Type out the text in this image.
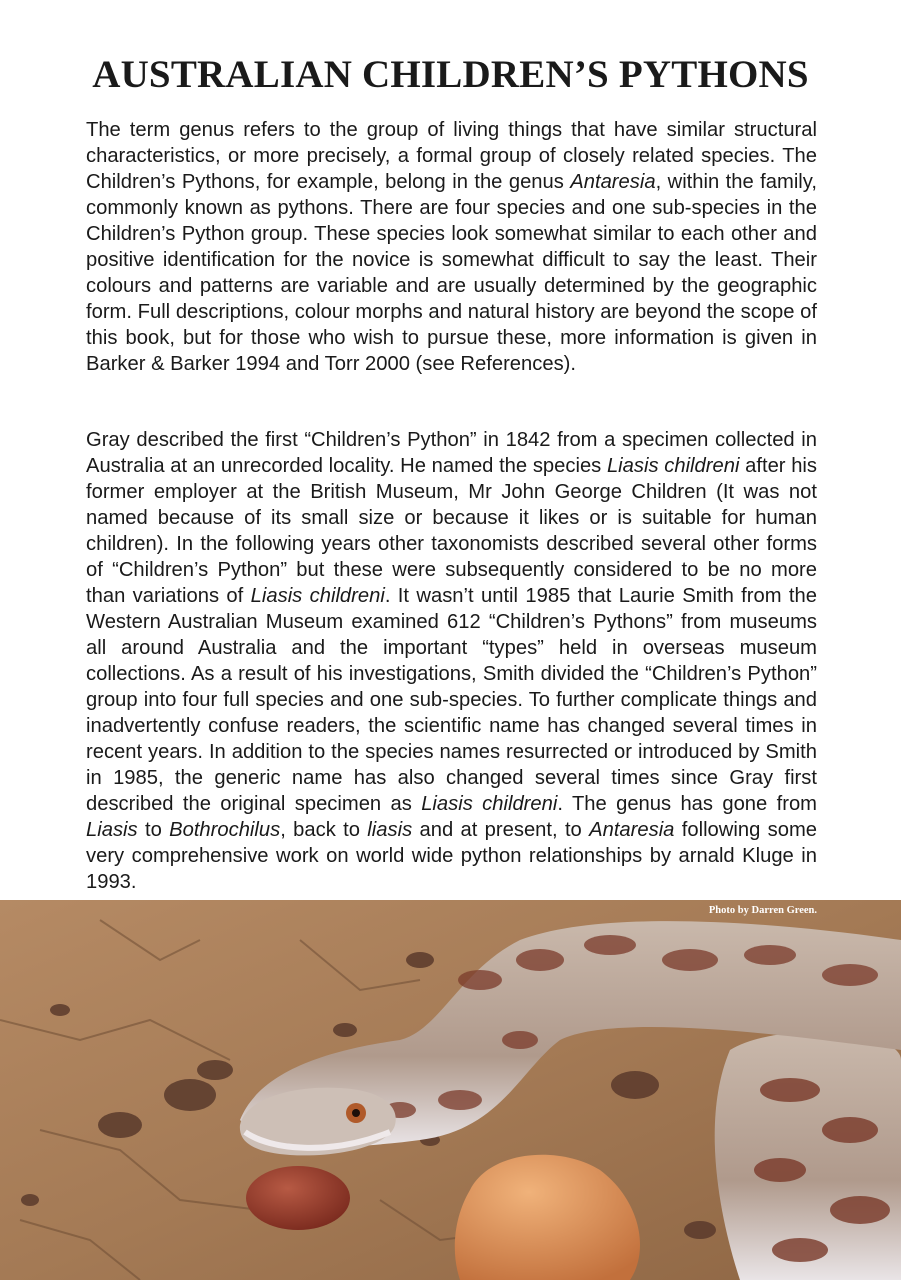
AUSTRALIAN CHILDREN’S PYTHONS

The term genus refers to the group of living things that have similar structural characteristics, or more precisely, a formal group of closely related species. The Children’s Pythons, for example, belong in the genus Antaresia, within the family, commonly known as pythons. There are four species and one sub-species in the Children’s Python group. These species look somewhat similar to each other and positive identification for the novice is somewhat difficult to say the least. Their colours and patterns are variable and are usually determined by the geographic form. Full descriptions, colour morphs and natural history are beyond the scope of this book, but for those who wish to pursue these, more information is given in Barker & Barker 1994 and Torr 2000 (see References).

Gray described the first “Children’s Python” in 1842 from a specimen collected in Australia at an unrecorded locality. He named the species Liasis childreni after his former employer at the British Museum, Mr John George Children (It was not named because of its small size or because it likes or is suitable for human children). In the following years other taxonomists described several other forms of “Children’s Python” but these were subsequently considered to be no more than variations of Liasis childreni. It wasn’t until 1985 that Laurie Smith from the Western Australian Museum examined 612 “Children’s Pythons” from museums all around Australia and the important “types” held in overseas museum collections. As a result of his investigations, Smith divided the “Children’s Python” group into four full species and one sub-species. To further complicate things and inadvertently confuse readers, the scientific name has changed several times in recent years. In addition to the species names resurrected or introduced by Smith in 1985, the generic name has also changed several times since Gray first described the original specimen as Liasis childreni. The genus has gone from Liasis to Bothrochilus, back to liasis and at present, to Antaresia following some very comprehensive work on world wide python relationships by arnald Kluge in 1993.

Photo by Darren Green.
